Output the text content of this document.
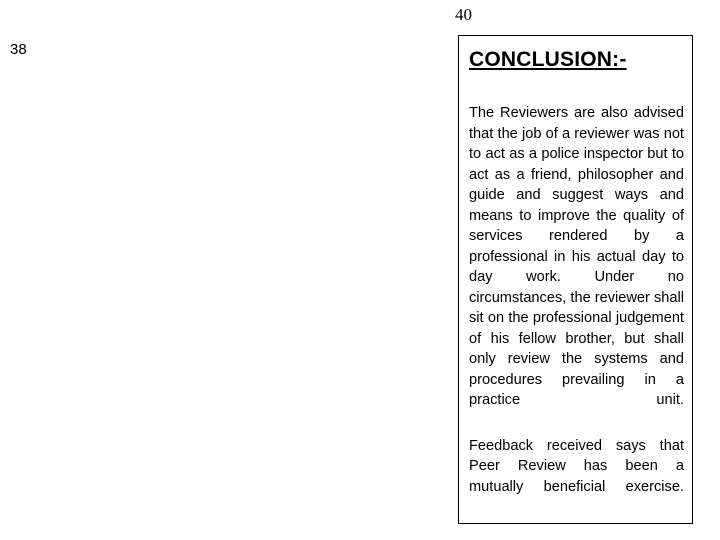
40
38	CONCLUSION:-

The Reviewers are also advised that the job of a reviewer was not to act as a police inspector but to act as a friend, philosopher and guide and suggest ways and means to improve the quality of services rendered by a professional in his actual day to day work. Under no circumstances, the reviewer shall sit on the professional judgement of his fellow brother, but shall only review the systems and procedures prevailing in a practice unit.

Feedback received says that Peer Review has been a mutually beneficial exercise.
